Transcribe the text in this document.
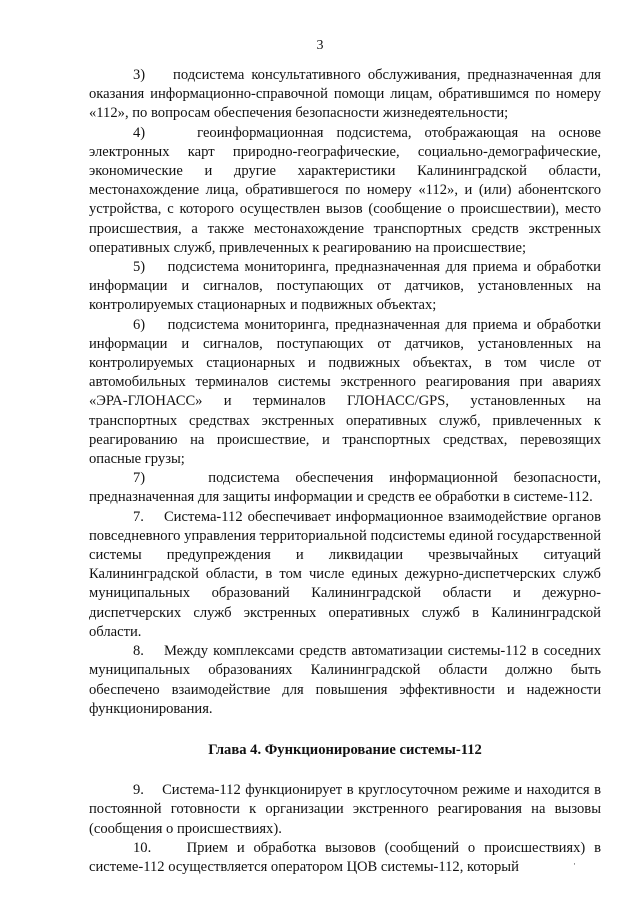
3

3)    подсистема консультативного обслуживания, предназначенная для оказания информационно-справочной помощи лицам, обратившимся по номеру «112», по вопросам обеспечения безопасности жизнедеятельности;

4)    геоинформационная подсистема, отображающая на основе электронных карт природно-географические, социально-демографические, экономические и другие характеристики Калининградской области, местонахождение лица, обратившегося по номеру «112», и (или) абонентского устройства, с которого осуществлен вызов (сообщение о происшествии), место происшествия, а также местонахождение транспортных средств экстренных оперативных служб, привлеченных к реагированию на происшествие;

5)    подсистема мониторинга, предназначенная для приема и обработки информации и сигналов, поступающих от датчиков, установленных на контролируемых стационарных и подвижных объектах;

6)    подсистема мониторинга, предназначенная для приема и обработки информации и сигналов, поступающих от датчиков, установленных на контролируемых стационарных и подвижных объектах, в том числе от автомобильных терминалов системы экстренного реагирования при авариях «ЭРА-ГЛОНАСС» и терминалов ГЛОНАСС/GPS, установленных на транспортных средствах экстренных оперативных служб, привлеченных к реагированию на происшествие, и транспортных средствах, перевозящих опасные грузы;

7)    подсистема обеспечения информационной безопасности, предназначенная для защиты информации и средств ее обработки в системе-112.

7.    Система-112 обеспечивает информационное взаимодействие органов повседневного управления территориальной подсистемы единой государственной системы предупреждения и ликвидации чрезвычайных ситуаций Калининградской области, в том числе единых дежурно-диспетчерских служб муниципальных образований Калининградской области и дежурно-диспетчерских служб экстренных оперативных служб в Калининградской области.

8.    Между комплексами средств автоматизации системы-112 в соседних муниципальных образованиях Калининградской области должно быть обеспечено взаимодействие для повышения эффективности и надежности функционирования.

Глава 4. Функционирование системы-112

9.    Система-112 функционирует в круглосуточном режиме и находится в постоянной готовности к организации экстренного реагирования на вызовы (сообщения о происшествиях).

10.    Прием и обработка вызовов (сообщений о происшествиях) в системе-112 осуществляется оператором ЦОВ системы-112, который	·
